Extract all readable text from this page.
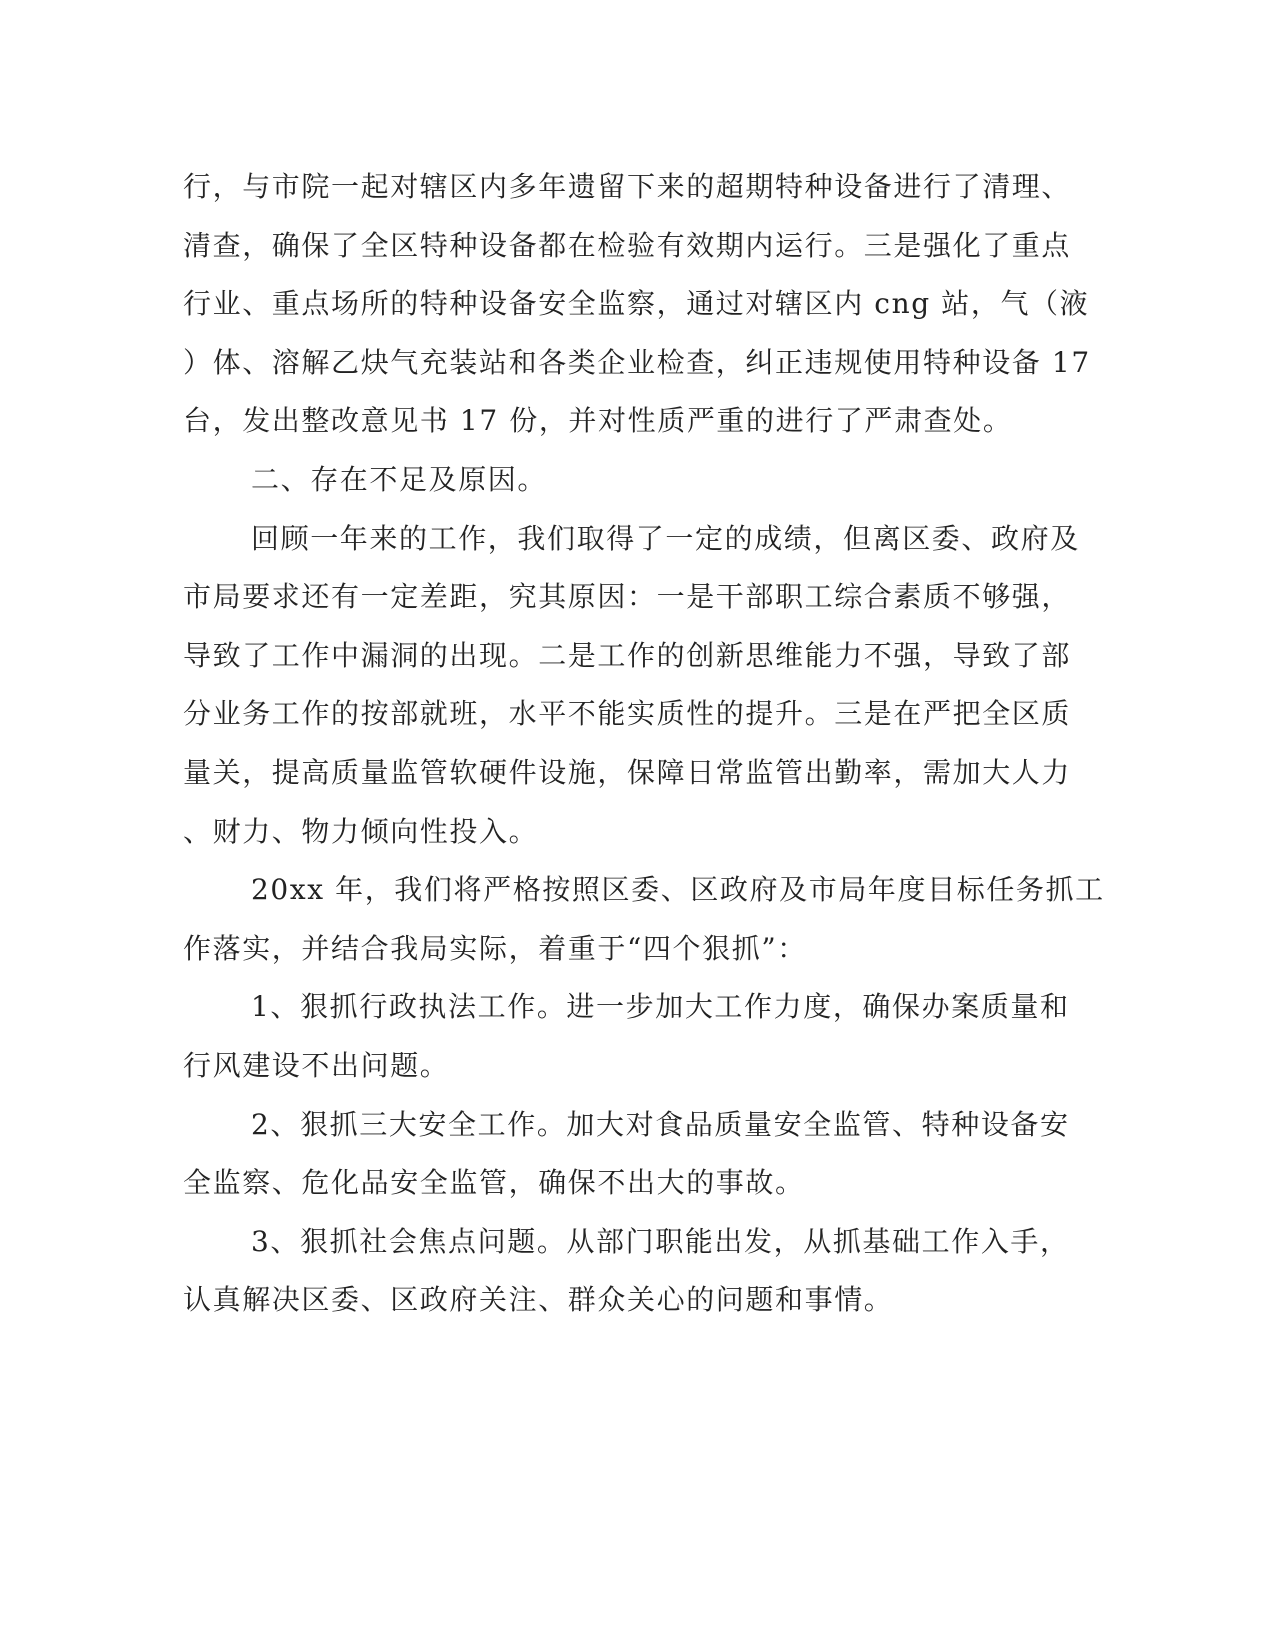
行，与市院一起对辖区内多年遗留下来的超期特种设备进行了清理、
清查，确保了全区特种设备都在检验有效期内运行。三是强化了重点
行业、重点场所的特种设备安全监察，通过对辖区内 cng 站，气（液
）体、溶解乙炔气充装站和各类企业检查，纠正违规使用特种设备 17
台，发出整改意见书 17 份，并对性质严重的进行了严肃查处。
二、存在不足及原因。
回顾一年来的工作，我们取得了一定的成绩，但离区委、政府及
市局要求还有一定差距，究其原因：一是干部职工综合素质不够强，
导致了工作中漏洞的出现。二是工作的创新思维能力不强，导致了部
分业务工作的按部就班，水平不能实质性的提升。三是在严把全区质
量关，提高质量监管软硬件设施，保障日常监管出勤率，需加大人力
、财力、物力倾向性投入。
20xx 年，我们将严格按照区委、区政府及市局年度目标任务抓工
作落实，并结合我局实际，着重于“四个狠抓”：
1、狠抓行政执法工作。进一步加大工作力度，确保办案质量和
行风建设不出问题。
2、狠抓三大安全工作。加大对食品质量安全监管、特种设备安
全监察、危化品安全监管，确保不出大的事故。
3、狠抓社会焦点问题。从部门职能出发，从抓基础工作入手，
认真解决区委、区政府关注、群众关心的问题和事情。
